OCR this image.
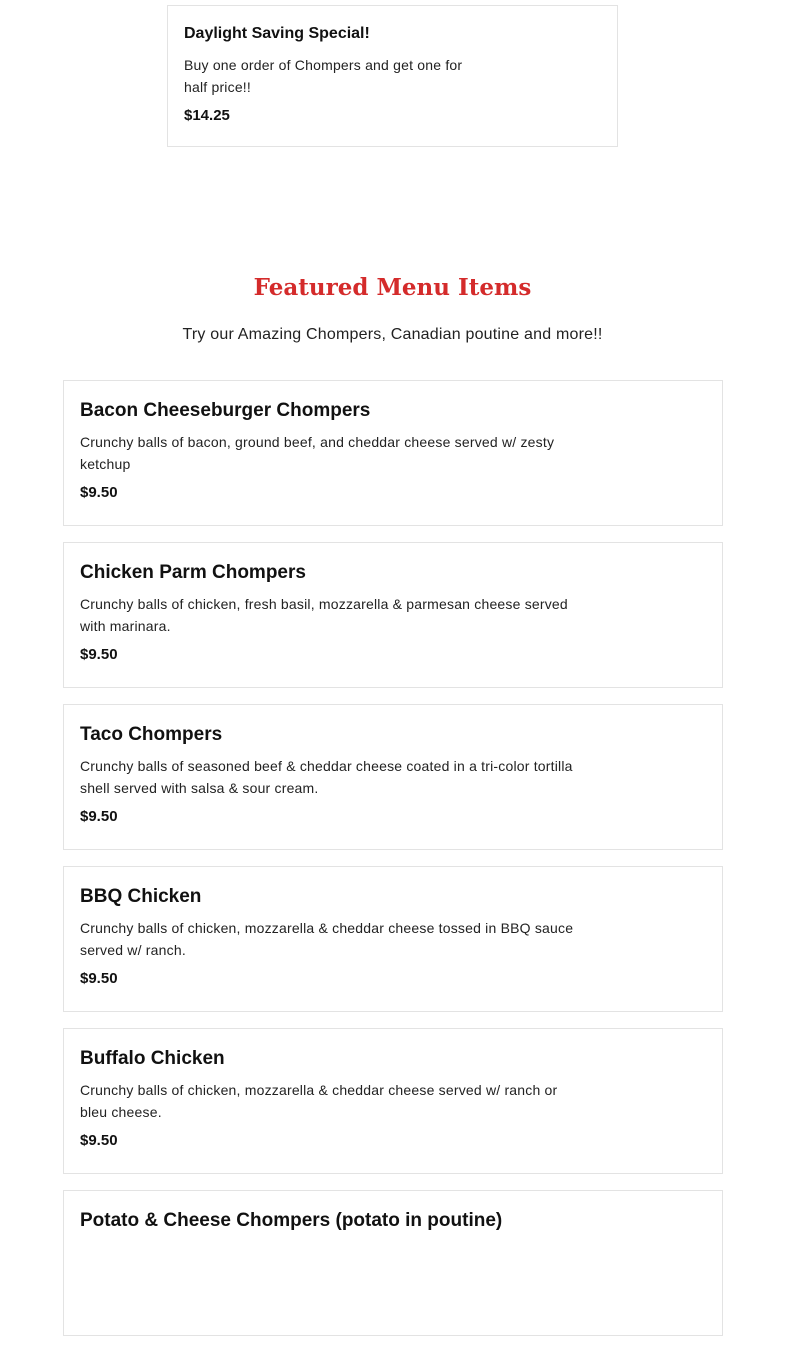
Daylight Saving Special!
Buy one order of Chompers and get one for half price!!
$14.25
Featured Menu Items

Try our Amazing Chompers, Canadian poutine and more!!

Bacon Cheeseburger Chompers
Crunchy balls of bacon, ground beef, and cheddar cheese served w/ zesty ketchup
$9.50
Chicken Parm Chompers
Crunchy balls of chicken, fresh basil, mozzarella & parmesan cheese served with marinara.
$9.50
Taco Chompers
Crunchy balls of seasoned beef & cheddar cheese coated in a tri-color tortilla shell served with salsa & sour cream.
$9.50
BBQ Chicken
Crunchy balls of chicken, mozzarella & cheddar cheese tossed in BBQ sauce served w/ ranch.
$9.50
Buffalo Chicken
Crunchy balls of chicken, mozzarella & cheddar cheese served w/ ranch or bleu cheese.
$9.50
Potato & Cheese Chompers (potato in poutine)
